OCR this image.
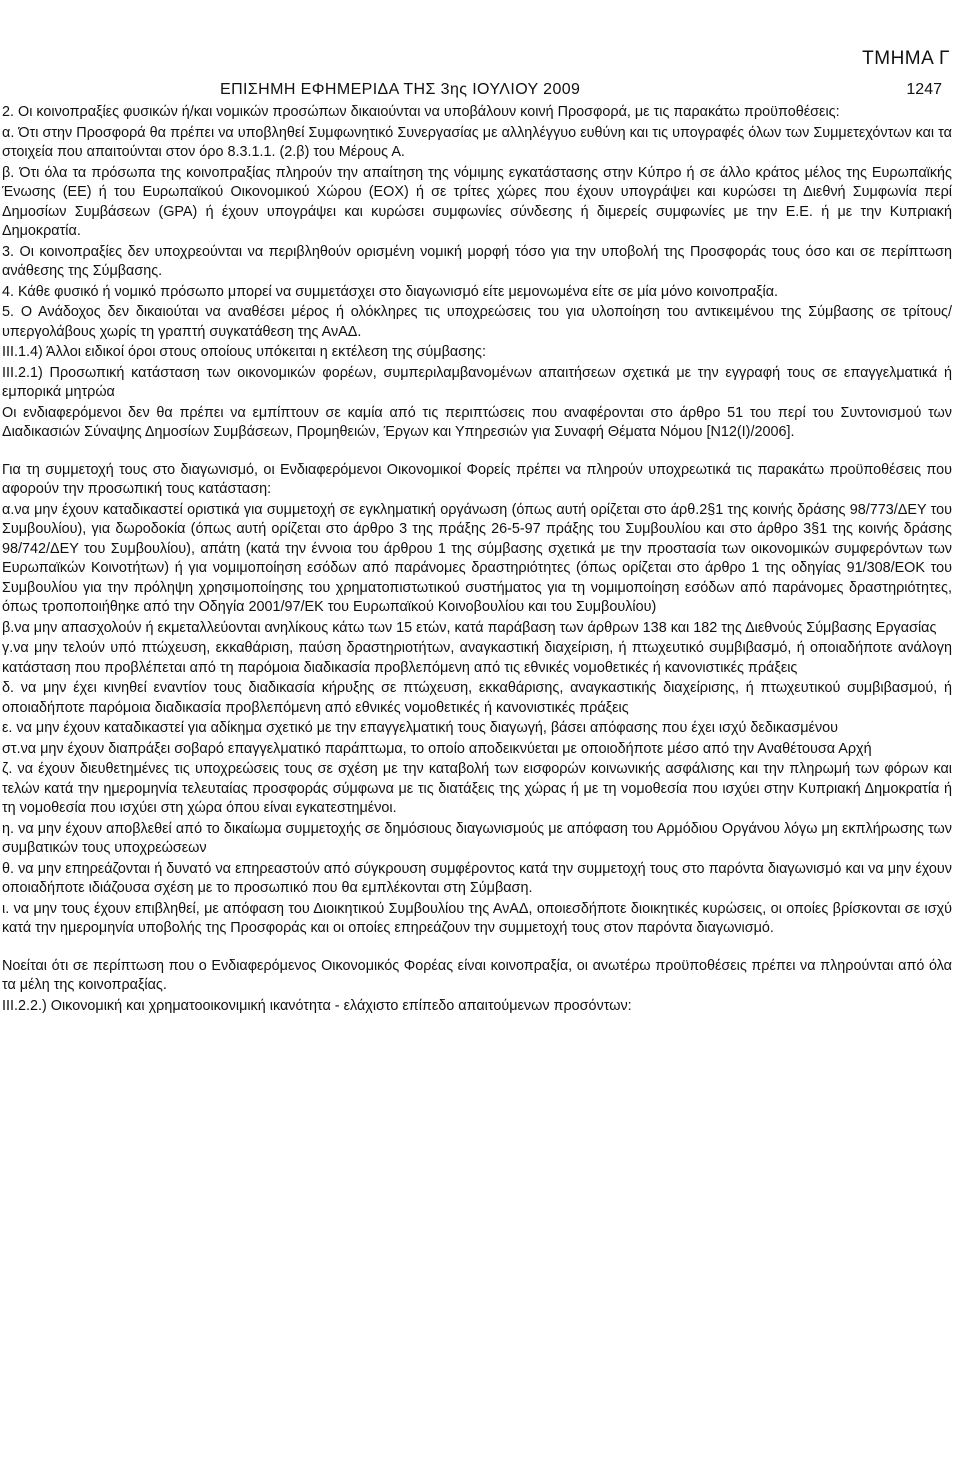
ΤΜΗΜΑ Γ
ΕΠΙΣΗΜΗ ΕΦΗΜΕΡΙΔΑ ΤΗΣ 3ης ΙΟΥΛΙΟΥ 2009	1247

2. Οι κοινοπραξίες φυσικών ή/και νομικών προσώπων δικαιούνται να υποβάλουν κοινή Προσφορά, με τις παρακάτω προϋποθέσεις:

α. Ότι στην Προσφορά θα πρέπει να υποβληθεί Συμφωνητικό Συνεργασίας με αλληλέγγυο ευθύνη και τις υπογραφές όλων των Συμμετεχόντων και τα στοιχεία που απαιτούνται στον όρο 8.3.1.1. (2.β) του Μέρους Α.

β. Ότι όλα τα πρόσωπα της κοινοπραξίας πληρούν την απαίτηση της νόμιμης εγκατάστασης στην Κύπρο ή σε άλλο κράτος μέλος της Ευρωπαϊκής Ένωσης (ΕΕ) ή του Ευρωπαϊκού Οικονομικού Χώρου (ΕΟΧ) ή σε τρίτες χώρες που έχουν υπογράψει και κυρώσει τη Διεθνή Συμφωνία περί Δημοσίων Συμβάσεων (GPA) ή έχουν υπογράψει και κυρώσει συμφωνίες σύνδεσης ή διμερείς συμφωνίες με την Ε.Ε. ή με την Κυπριακή Δημοκρατία.

3. Οι κοινοπραξίες δεν υποχρεούνται να περιβληθούν ορισμένη νομική μορφή τόσο για την υποβολή της Προσφοράς τους όσο και σε περίπτωση ανάθεσης της Σύμβασης.

4. Κάθε φυσικό ή νομικό πρόσωπο μπορεί να συμμετάσχει στο διαγωνισμό είτε μεμονωμένα είτε σε μία μόνο κοινοπραξία.

5. Ο Ανάδοχος δεν δικαιούται να αναθέσει μέρος ή ολόκληρες τις υποχρεώσεις του για υλοποίηση του αντικειμένου της Σύμβασης σε τρίτους/υπεργολάβους χωρίς τη γραπτή συγκατάθεση της ΑνΑΔ.

ΙΙΙ.1.4) Άλλοι ειδικοί όροι στους οποίους υπόκειται η εκτέλεση της σύμβασης:

ΙΙΙ.2.1) Προσωπική κατάσταση των οικονομικών φορέων, συμπεριλαμβανομένων απαιτήσεων σχετικά με την εγγραφή τους σε επαγγελματικά ή εμπορικά μητρώα

Οι ενδιαφερόμενοι δεν θα πρέπει να εμπίπτουν σε καμία από τις περιπτώσεις που αναφέρονται στο άρθρο 51 του περί του Συντονισμού των Διαδικασιών Σύναψης Δημοσίων Συμβάσεων, Προμηθειών, Έργων και Υπηρεσιών για Συναφή Θέματα Νόμου [Ν12(Ι)/2006].

Για τη συμμετοχή τους στο διαγωνισμό, οι Ενδιαφερόμενοι Οικονομικοί Φορείς πρέπει να πληρούν υποχρεωτικά τις παρακάτω προϋποθέσεις που αφορούν την προσωπική τους κατάσταση:

α.να μην έχουν καταδικαστεί οριστικά για συμμετοχή σε εγκληματική οργάνωση (όπως αυτή ορίζεται στο άρθ.2§1 της κοινής δράσης 98/773/ΔΕΥ του Συμβουλίου), για δωροδοκία (όπως αυτή ορίζεται στο άρθρο 3 της πράξης 26-5-97 πράξης του Συμβουλίου και στο άρθρο 3§1 της κοινής δράσης 98/742/ΔΕΥ του Συμβουλίου), απάτη (κατά την έννοια του άρθρου 1 της σύμβασης σχετικά με την προστασία των οικονομικών συμφερόντων των Ευρωπαϊκών Κοινοτήτων) ή για νομιμοποίηση εσόδων από παράνομες δραστηριότητες (όπως ορίζεται στο άρθρο 1 της οδηγίας 91/308/ΕΟΚ του Συμβουλίου για την πρόληψη χρησιμοποίησης του χρηματοπιστωτικού συστήματος για τη νομιμοποίηση εσόδων από παράνομες δραστηριότητες, όπως τροποποιήθηκε από την Οδηγία 2001/97/ΕΚ του Ευρωπαϊκού Κοινοβουλίου και του Συμβουλίου)

β.να μην απασχολούν ή εκμεταλλεύονται ανηλίκους κάτω των 15 ετών, κατά παράβαση των άρθρων 138 και 182 της Διεθνούς Σύμβασης Εργασίας

γ.να μην τελούν υπό πτώχευση, εκκαθάριση, παύση δραστηριοτήτων, αναγκαστική διαχείριση, ή πτωχευτικό συμβιβασμό, ή οποιαδήποτε ανάλογη κατάσταση που προβλέπεται από τη παρόμοια διαδικασία προβλεπόμενη από τις εθνικές νομοθετικές ή κανονιστικές πράξεις

δ. να μην έχει κινηθεί εναντίον τους διαδικασία κήρυξης σε πτώχευση, εκκαθάρισης, αναγκαστικής διαχείρισης, ή πτωχευτικού συμβιβασμού, ή οποιαδήποτε παρόμοια διαδικασία προβλεπόμενη από εθνικές νομοθετικές ή κανονιστικές πράξεις

ε. να μην έχουν καταδικαστεί για αδίκημα σχετικό με την επαγγελματική τους διαγωγή, βάσει απόφασης που έχει ισχύ δεδικασμένου

στ.να μην έχουν διαπράξει σοβαρό επαγγελματικό παράπτωμα, το οποίο αποδεικνύεται με οποιοδήποτε μέσο από την Αναθέτουσα Αρχή

ζ. να έχουν διευθετημένες τις υποχρεώσεις τους σε σχέση με την καταβολή των εισφορών κοινωνικής ασφάλισης και την πληρωμή των φόρων και τελών κατά την ημερομηνία τελευταίας προσφοράς σύμφωνα με τις διατάξεις της χώρας ή με τη νομοθεσία που ισχύει στην Κυπριακή Δημοκρατία ή τη νομοθεσία που ισχύει στη χώρα όπου είναι εγκατεστημένοι.

η. να μην έχουν αποβλεθεί από το δικαίωμα συμμετοχής σε δημόσιους διαγωνισμούς με απόφαση του Αρμόδιου Οργάνου λόγω μη εκπλήρωσης των συμβατικών τους υποχρεώσεων

θ. να μην επηρεάζονται ή δυνατό να επηρεαστούν από σύγκρουση συμφέροντος κατά την συμμετοχή τους στο παρόντα διαγωνισμό και να μην έχουν οποιαδήποτε ιδιάζουσα σχέση με το προσωπικό που θα εμπλέκονται στη Σύμβαση.

ι. να μην τους έχουν επιβληθεί, με απόφαση του Διοικητικού Συμβουλίου της ΑνΑΔ, οποιεσδήποτε διοικητικές κυρώσεις, οι οποίες βρίσκονται σε ισχύ κατά την ημερομηνία υποβολής της Προσφοράς και οι οποίες επηρεάζουν την συμμετοχή τους στον παρόντα διαγωνισμό.

Νοείται ότι σε περίπτωση που ο Ενδιαφερόμενος Οικονομικός Φορέας είναι κοινοπραξία, οι ανωτέρω προϋποθέσεις πρέπει να πληρούνται από όλα τα μέλη της κοινοπραξίας.

ΙΙΙ.2.2.) Οικονομική και χρηματοοικονιμική ικανότητα - ελάχιστο επίπεδο απαιτούμενων προσόντων:
